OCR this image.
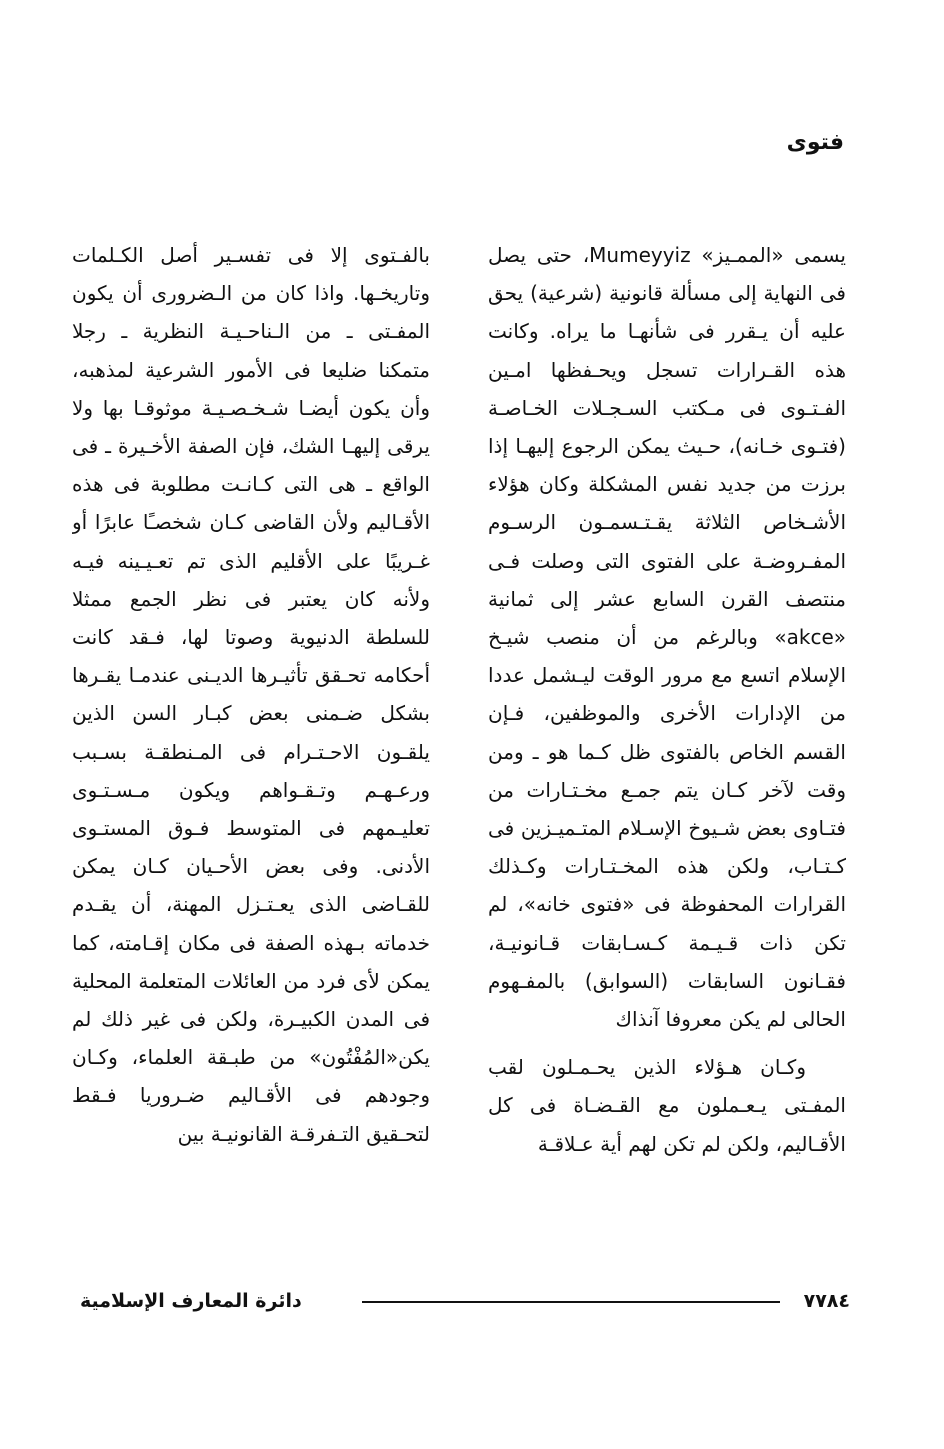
فتوى

يسمى «الممـيز» Mumeyyiz، حتى يصل فى النهاية إلى مسألة قانونية (شرعية) يحق عليه أن يـقرر فى شأنهـا ما يراه. وكانت هذه القـرارات تسجل ويحـفظها امـين الفـتـوى فى مـكتب السـجـلات الخـاصـة (فتـوى خـانه)، حـيث يمكن الرجوع إليهـا إذا برزت من جديد نفس المشكلة وكان هؤلاء الأشـخاص الثلاثة يقـتـسمـون الرسـوم المفـروضـة على الفتوى التى وصلت فـى منتصف القرن السابع عشر إلى ثمانية «akce» وبالرغم من أن منصب شيـخ الإسلام اتسع مع مرور الوقت ليـشمل عددا من الإدارات الأخرى والموظفين، فـإن القسم الخاص بالفتوى ظل كـما هو ـ ومن وقت لآخر كـان يتم جمـع مخـتـارات من فتـاوى بعض شـيوخ الإسـلام المتـميـزين فى كـتـاب، ولكن هذه المخـتـارات وكـذلك القرارات المحفوظة فى «فتوى خانه»، لم تكن ذات قـيـمة كـسـابقات قـانونيـة، فقـانون السابقات (السوابق) بالمفـهوم الحالى لم يكن معروفا آنذاك

وكـان هـؤلاء الذين يحـمـلون لقب المفـتى يـعـملون مع القـضـاة فى كل الأقـاليم، ولكن لم تكن لهم أية عـلاقـة

بالفـتوى إلا فى تفسـير أصل الكـلمات وتاريخـها. واذا كان من الـضرورى أن يكون المفـتى ـ من الـناحـيـة النظرية ـ رجلا متمكنا ضليعا فى الأمور الشرعية لمذهبه، وأن يكون أيضـا شـخـصـيـة موثوقـا بها ولا يرقى إليهـا الشك، فإن الصفة الأخـيرة ـ فى الواقع ـ هى التى كـانـت مطلوبة فى هذه الأقـاليم ولأن القاضى كـان شخصـًا عابرًا أو غـريبًا على الأقليم الذى تم تعـيـينه فيـه ولأنه كان يعتبر فى نظر الجمع ممثلا للسلطة الدنيوية وصوتا لها، فـقد كانت أحكامه تحـقق تأثيـرها الديـنى عندمـا يقـرها بشكل ضـمنى بعض كبـار السن الذين يلقـون الاحـتـرام فى المـنطقـة بسـبب ورعـهـم وتـقـواهم ويكون مـسـتـوى تعليـمهم فى المتوسط فـوق المستـوى الأدنى. وفى بعض الأحـيان كـان يمكن للقـاضى الذى يعـتـزل المهنة، أن يقـدم خدماته بـهذه الصفة فى مكان إقـامته، كما يمكن لأى فرد من العائلات المتعلمة المحلية فى المدن الكبيـرة، ولكن فى غير ذلك لم يكن«المُفْتُون» من طبـقة العلماء، وكـان وجودهم فى الأقـاليم ضـروريا فـقط لتحـقيق التـفرقـة القانونيـة بين

٧٧٨٤
دائرة المعارف الإسلامية
